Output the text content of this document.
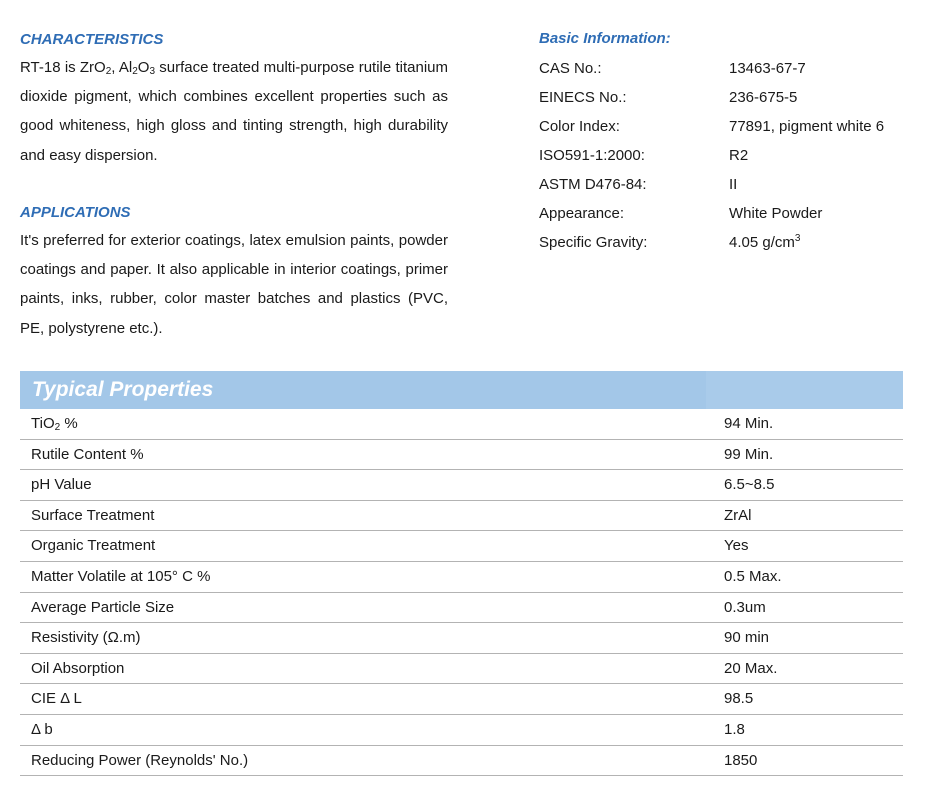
CHARACTERISTICS

RT-18 is ZrO$_2$, $Al_2O_3$ surface treated multi-purpose rutile titanium dioxide pigment, which combines excellent properties such as good whiteness, high gloss and tinting strength, high durability and easy dispersion.

APPLICATIONS

It's preferred for exterior coatings, latex emulsion paints, powder coatings and paper. It also applicable in interior coatings, primer paints, inks, rubber, color master batches and plastics (PVC, PE, polystyrene etc.).

Basic Information:
CAS No.:	13463-67-7
EINECS No.:	236-675-5
Color Index:	77891, pigment white 6
ISO591-1:2000:	R2
ASTM D476-84:	II
Appearance:	White Powder
Specific Gravity:	4.05 $g/cm^3$
Typical Properties
TiO$_2$ %	94 Min.
Rutile Content %	99 Min.
pH Value	6.5~8.5
Surface Treatment	ZrAl
Organic Treatment	Yes
Matter Volatile at 105° C %	0.5 Max.
Average Particle Size	0.3um
Resistivity (Ω.m)	90 min
Oil Absorption	20 Max.
CIE Δ L	98.5
Δ b	1.8
Reducing Power (Reynolds' No.)	1850
